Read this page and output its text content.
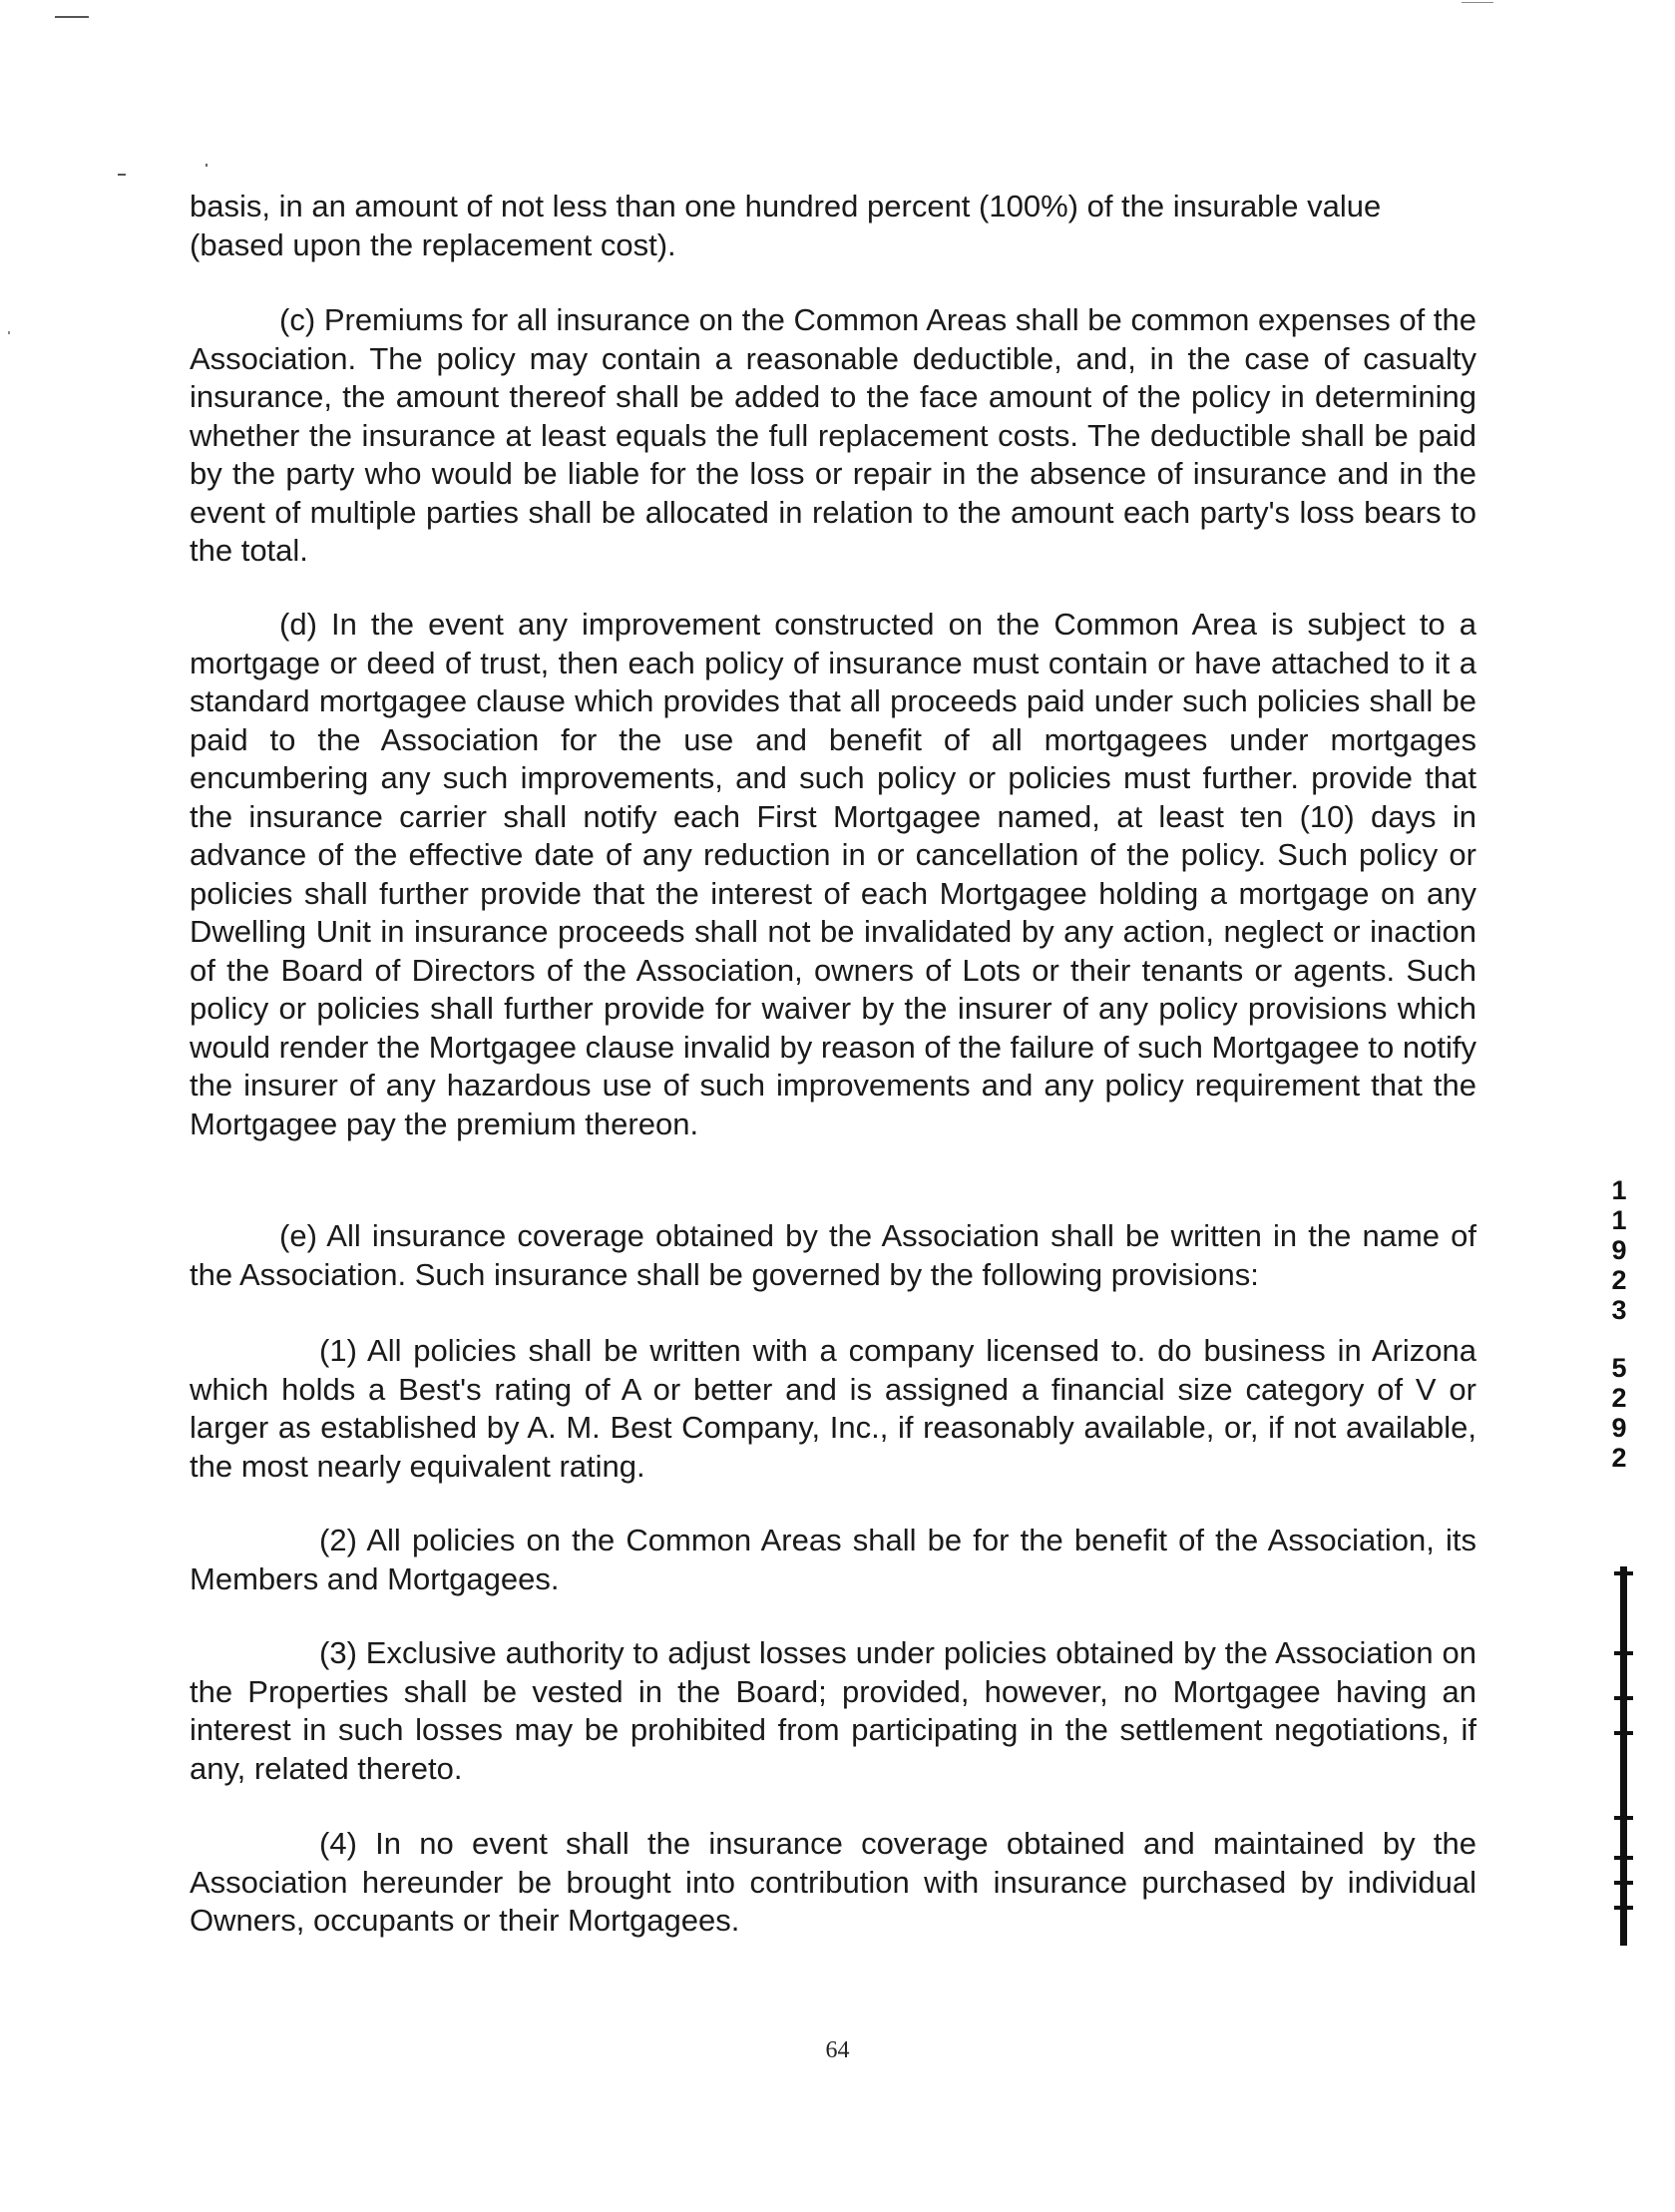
basis, in an amount of not less than one hundred percent (100%) of the insurable value (based upon the replacement cost).

(c) Premiums for all insurance on the Common Areas shall be common expenses of the Association. The policy may contain a reasonable deductible, and, in the case of casualty insurance, the amount thereof shall be added to the face amount of the policy in determining whether the insurance at least equals the full replacement costs. The deductible shall be paid by the party who would be liable for the loss or repair in the absence of insurance and in the event of multiple parties shall be allocated in relation to the amount each party's loss bears to the total.

(d) In the event any improvement constructed on the Common Area is subject to a mortgage or deed of trust, then each policy of insurance must contain or have attached to it a standard mortgagee clause which provides that all proceeds paid under such policies shall be paid to the Association for the use and benefit of all mortgagees under mortgages encumbering any such improvements, and such policy or policies must further. provide that the insurance carrier shall notify each First Mortgagee named, at least ten (10) days in advance of the effective date of any reduction in or cancellation of the policy. Such policy or policies shall further provide that the interest of each Mortgagee holding a mortgage on any Dwelling Unit in insurance proceeds shall not be invalidated by any action, neglect or inaction of the Board of Directors of the Association, owners of Lots or their tenants or agents. Such policy or policies shall further provide for waiver by the insurer of any policy provisions which would render the Mortgagee clause invalid by reason of the failure of such Mortgagee to notify the insurer of any hazardous use of such improvements and any policy requirement that the Mortgagee pay the premium thereon.

(e) All insurance coverage obtained by the Association shall be written in the name of the Association. Such insurance shall be governed by the following provisions:

(1) All policies shall be written with a company licensed to. do business in Arizona which holds a Best's rating of A or better and is assigned a financial size category of V or larger as established by A. M. Best Company, Inc., if reasonably available, or, if not available, the most nearly equivalent rating.

(2) All policies on the Common Areas shall be for the benefit of the Association, its Members and Mortgagees.

(3) Exclusive authority to adjust losses under policies obtained by the Association on the Properties shall be vested in the Board; provided, however, no Mortgagee having an interest in such losses may be prohibited from participating in the settlement negotiations, if any, related thereto.

(4) In no event shall the insurance coverage obtained and maintained by the Association hereunder be brought into contribution with insurance purchased by individual Owners, occupants or their Mortgagees.

64

1
1
9
2
3
5
2
9
2
